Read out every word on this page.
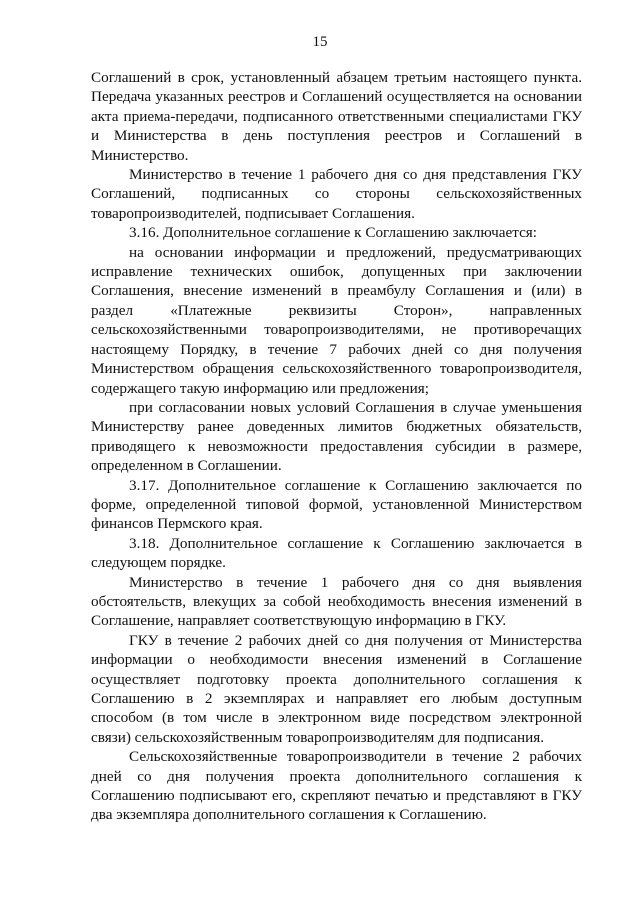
15

Соглашений в срок, установленный абзацем третьим настоящего пункта. Передача указанных реестров и Соглашений осуществляется на основании акта приема-передачи, подписанного ответственными специалистами ГКУ и Министерства в день поступления реестров и Соглашений в Министерство.

Министерство в течение 1 рабочего дня со дня представления ГКУ Соглашений, подписанных со стороны сельскохозяйственных товаропроизводителей, подписывает Соглашения.

3.16. Дополнительное соглашение к Соглашению заключается:

на основании информации и предложений, предусматривающих исправление технических ошибок, допущенных при заключении Соглашения, внесение изменений в преамбулу Соглашения и (или) в раздел «Платежные реквизиты Сторон», направленных сельскохозяйственными товаропроизводителями, не противоречащих настоящему Порядку, в течение 7 рабочих дней со дня получения Министерством обращения сельскохозяйственного товаропроизводителя, содержащего такую информацию или предложения;

при согласовании новых условий Соглашения в случае уменьшения Министерству ранее доведенных лимитов бюджетных обязательств, приводящего к невозможности предоставления субсидии в размере, определенном в Соглашении.

3.17. Дополнительное соглашение к Соглашению заключается по форме, определенной типовой формой, установленной Министерством финансов Пермского края.

3.18. Дополнительное соглашение к Соглашению заключается в следующем порядке.

Министерство в течение 1 рабочего дня со дня выявления обстоятельств, влекущих за собой необходимость внесения изменений в Соглашение, направляет соответствующую информацию в ГКУ.

ГКУ в течение 2 рабочих дней со дня получения от Министерства информации о необходимости внесения изменений в Соглашение осуществляет подготовку проекта дополнительного соглашения к Соглашению в 2 экземплярах и направляет его любым доступным способом (в том числе в электронном виде посредством электронной связи) сельскохозяйственным товаропроизводителям для подписания.

Сельскохозяйственные товаропроизводители в течение 2 рабочих дней со дня получения проекта дополнительного соглашения к Соглашению подписывают его, скрепляют печатью и представляют в ГКУ два экземпляра дополнительного соглашения к Соглашению.
